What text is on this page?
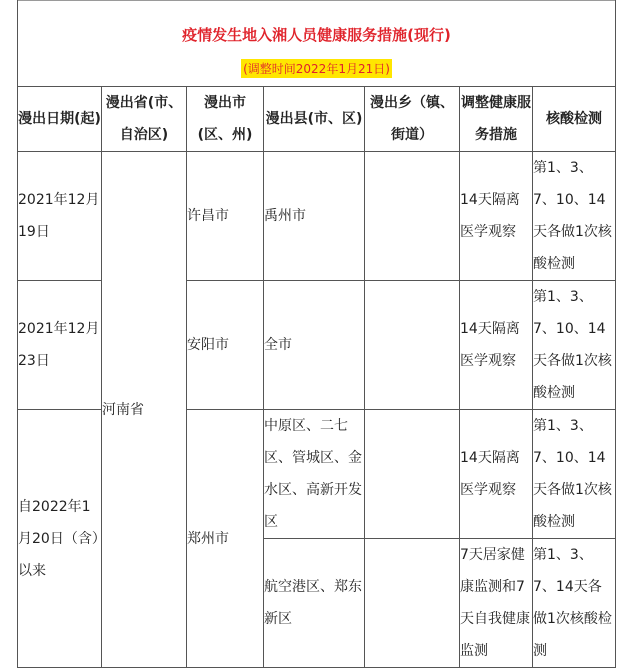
疫情发生地入湘人员健康服务措施(现行)
(调整时间2022年1月21日)
漫出日期(起)	漫出省(市、自治区)	漫出市(区、州)	漫出县(市、区)	漫出乡（镇、街道）	调整健康服务措施	核酸检测
2021年12月19日	河南省	许昌市	禹州市		14天隔离医学观察	第1、3、7、10、14天各做1次核酸检测
2021年12月23日		安阳市	全市		14天隔离医学观察	第1、3、7、10、14天各做1次核酸检测
自2022年1月20日（含）以来		郑州市	中原区、二七区、管城区、金水区、高新开发区		14天隔离医学观察	第1、3、7、10、14天各做1次核酸检测
			航空港区、郑东新区		7天居家健康监测和7天自我健康监测	第1、3、7、14天各做1次核酸检测
